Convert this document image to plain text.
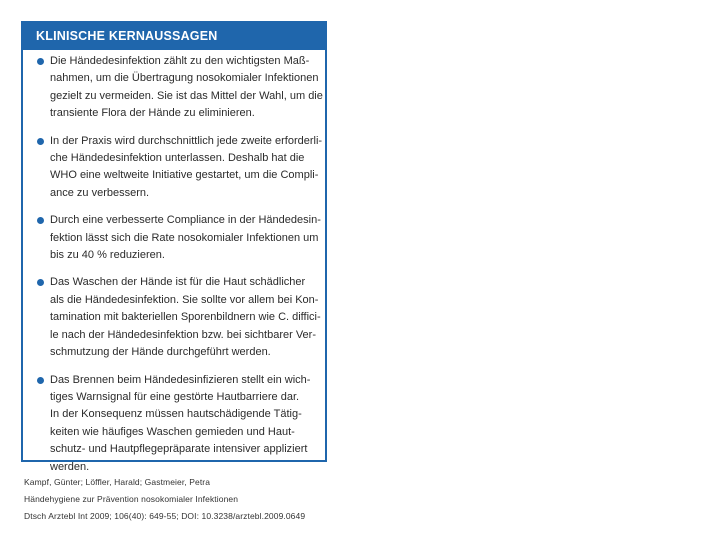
KLINISCHE KERNAUSSAGEN
Die Händedesinfektion zählt zu den wichtigsten Maß-
nahmen, um die Übertragung nosokomialer Infektionen
gezielt zu vermeiden. Sie ist das Mittel der Wahl, um die
transiente Flora der Hände zu eliminieren.
In der Praxis wird durchschnittlich jede zweite erforderli-
che Händedesinfektion unterlassen. Deshalb hat die
WHO eine weltweite Initiative gestartet, um die Compli-
ance zu verbessern.
Durch eine verbesserte Compliance in der Händedesin-
fektion lässt sich die Rate nosokomialer Infektionen um
bis zu 40 % reduzieren.
Das Waschen der Hände ist für die Haut schädlicher
als die Händedesinfektion. Sie sollte vor allem bei Kon-
tamination mit bakteriellen Sporenbildnern wie C. diffici-
le nach der Händedesinfektion bzw. bei sichtbarer Ver-
schmutzung der Hände durchgeführt werden.
Das Brennen beim Händedesinfizieren stellt ein wich-
tiges Warnsignal für eine gestörte Hautbarriere dar.
In der Konsequenz müssen hautschädigende Tätig-
keiten wie häufiges Waschen gemieden und Haut-
schutz- und Hautpflegepräparate intensiver appliziert
werden.
Kampf, Günter; Löffler, Harald; Gastmeier, Petra
Händehygiene zur Prävention nosokomialer Infektionen
Dtsch Arztebl Int 2009; 106(40): 649-55; DOI: 10.3238/arztebl.2009.0649
